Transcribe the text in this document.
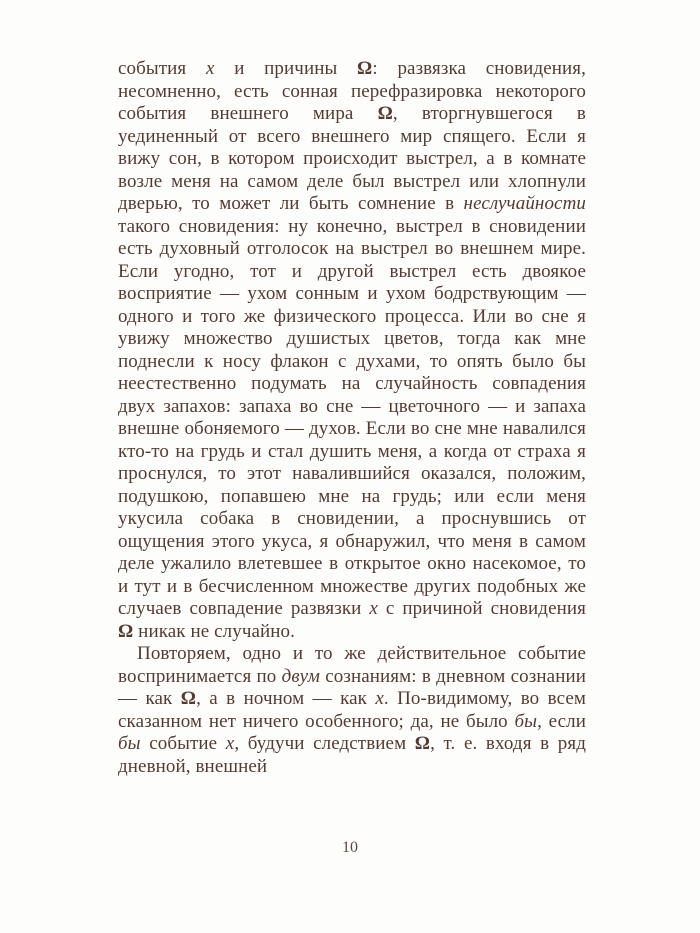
события x и причины Ω: развязка сновидения, несомненно, есть сонная перефразировка некоторого события внешнего мира Ω, вторгнувшегося в уединенный от всего внешнего мир спящего. Если я вижу сон, в котором происходит выстрел, а в комнате возле меня на самом деле был выстрел или хлопнули дверью, то может ли быть сомнение в неслучайности такого сновидения: ну конечно, выстрел в сновидении есть духовный отголосок на выстрел во внешнем мире. Если угодно, тот и другой выстрел есть двоякое восприятие — ухом сонным и ухом бодрствующим — одного и того же физического процесса. Или во сне я увижу множество душистых цветов, тогда как мне поднесли к носу флакон с духами, то опять было бы неестественно подумать на случайность совпадения двух запахов: запаха во сне — цветочного — и запаха внешне обоняемого — духов. Если во сне мне навалился кто-то на грудь и стал душить меня, а когда от страха я проснулся, то этот навалившийся оказался, положим, подушкою, попавшею мне на грудь; или если меня укусила собака в сновидении, а проснувшись от ощущения этого укуса, я обнаружил, что меня в самом деле ужалило влетевшее в открытое окно насекомое, то и тут и в бесчисленном множестве других подобных же случаев совпадение развязки x с причиной сновидения Ω никак не случайно.

Повторяем, одно и то же действительное событие воспринимается по двум сознаниям: в дневном сознании — как Ω, а в ночном — как x. По-видимому, во всем сказанном нет ничего особенного; да, не было бы, если бы событие x, будучи следствием Ω, т. е. входя в ряд дневной, внешней

10
